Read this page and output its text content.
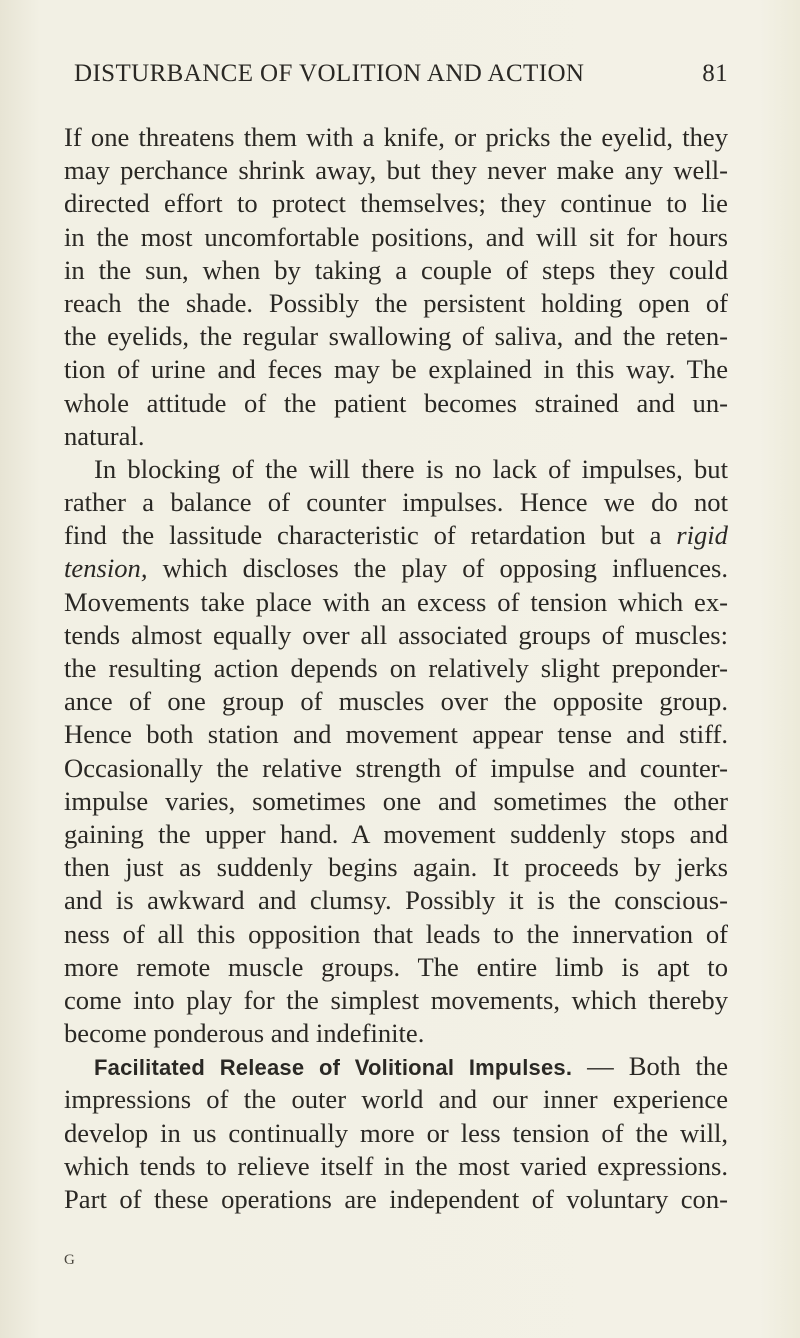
DISTURBANCE OF VOLITION AND ACTION	81
If one threatens them with a knife, or pricks the eyelid, they
may perchance shrink away, but they never make any well-
directed effort to protect themselves; they continue to lie
in the most uncomfortable positions, and will sit for hours
in the sun, when by taking a couple of steps they could
reach the shade. Possibly the persistent holding open of
the eyelids, the regular swallowing of saliva, and the reten-
tion of urine and feces may be explained in this way. The
whole attitude of the patient becomes strained and un-
natural.
In blocking of the will there is no lack of impulses, but
rather a balance of counter impulses. Hence we do not
find the lassitude characteristic of retardation but a rigid
tension, which discloses the play of opposing influences.
Movements take place with an excess of tension which ex-
tends almost equally over all associated groups of muscles:
the resulting action depends on relatively slight preponder-
ance of one group of muscles over the opposite group.
Hence both station and movement appear tense and stiff.
Occasionally the relative strength of impulse and counter-
impulse varies, sometimes one and sometimes the other
gaining the upper hand. A movement suddenly stops and
then just as suddenly begins again. It proceeds by jerks
and is awkward and clumsy. Possibly it is the conscious-
ness of all this opposition that leads to the innervation of
more remote muscle groups. The entire limb is apt to
come into play for the simplest movements, which thereby
become ponderous and indefinite.
Facilitated Release of Volitional Impulses. — Both the
impressions of the outer world and our inner experience
develop in us continually more or less tension of the will,
which tends to relieve itself in the most varied expressions.
Part of these operations are independent of voluntary con-
G
